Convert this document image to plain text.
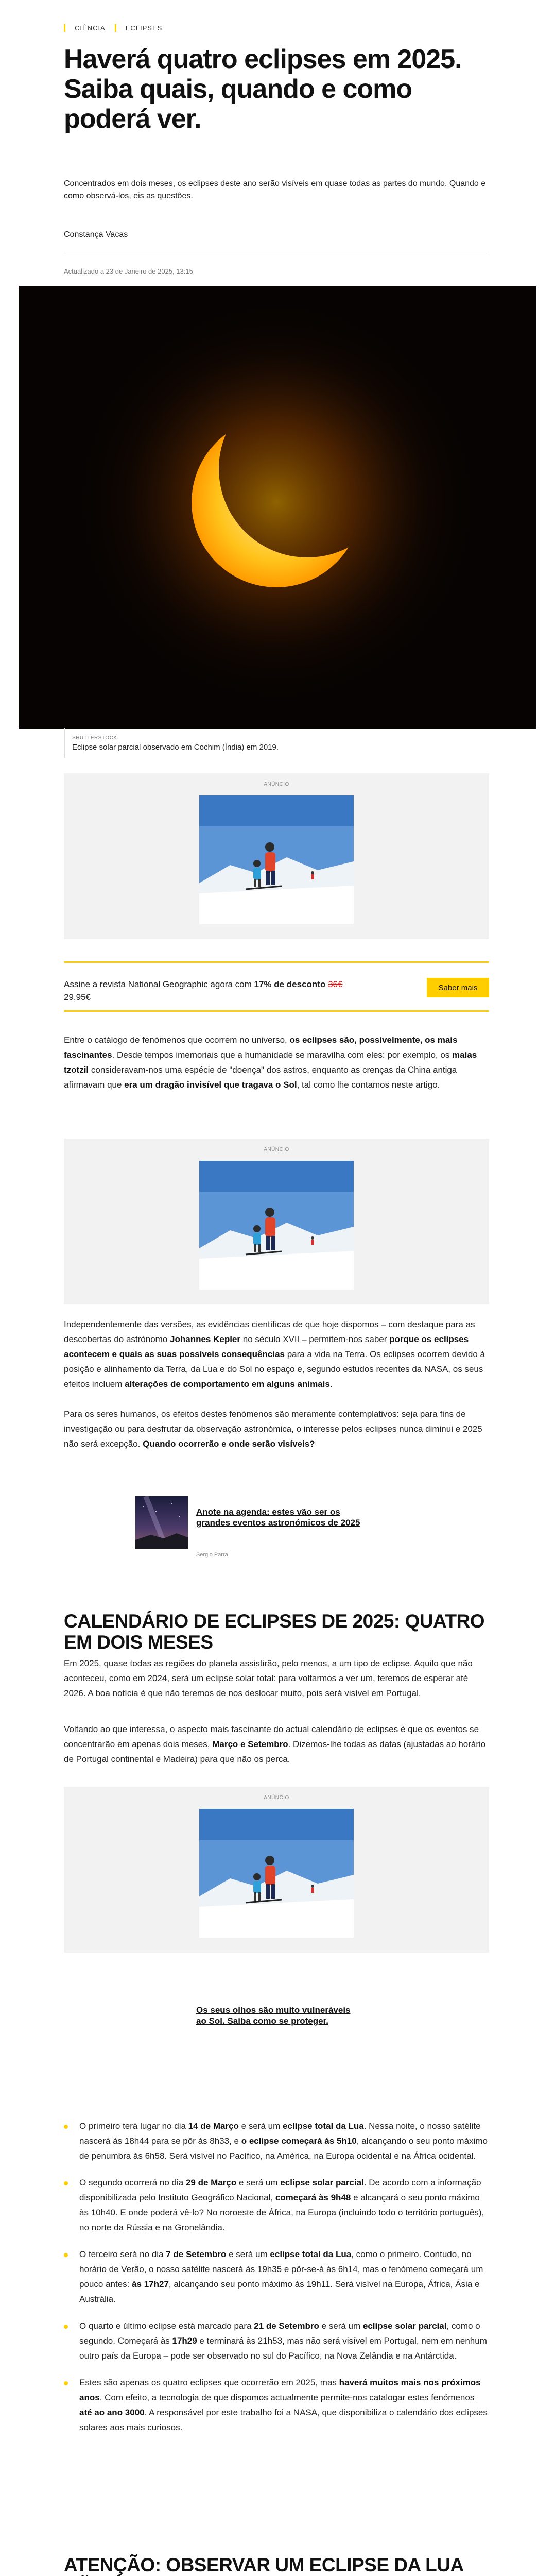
CIÊNCIA	ECLIPSES
Haverá quatro eclipses em 2025. Saiba quais, quando e como poderá ver.

Concentrados em dois meses, os eclipses deste ano serão visíveis em quase todas as partes do mundo. Quando e como observá-los, eis as questões.

Constança Vacas
Actualizado a 23 de Janeiro de 2025, 13:15
SHUTTERSTOCK
Eclipse solar parcial observado em Cochim (Índia) em 2019.
ANÚNCIO
Assine a revista National Geographic agora com 17% de desconto 36€
29,95€
Saber mais

Entre o catálogo de fenómenos que ocorrem no universo, os eclipses são, possivelmente, os mais fascinantes. Desde tempos imemoriais que a humanidade se maravilha com eles: por exemplo, os maias tzotzil consideravam-nos uma espécie de "doença" dos astros, enquanto as crenças da China antiga afirmavam que era um dragão invisível que tragava o Sol, tal como lhe contamos neste artigo.

ANÚNCIO

Independentemente das versões, as evidências científicas de que hoje dispomos – com destaque para as descobertas do astrónomo Johannes Kepler no século XVII – permitem-nos saber porque os eclipses acontecem e quais as suas possíveis consequências para a vida na Terra. Os eclipses ocorrem devido à posição e alinhamento da Terra, da Lua e do Sol no espaço e, segundo estudos recentes da NASA, os seus efeitos incluem alterações de comportamento em alguns animais.

Para os seres humanos, os efeitos destes fenómenos são meramente contemplativos: seja para fins de investigação ou para desfrutar da observação astronómica, o interesse pelos eclipses nunca diminui e 2025 não será excepção. Quando ocorrerão e onde serão visíveis?

Anote na agenda: estes vão ser os grandes eventos astronómicos de 2025
Sergio Parra
CALENDÁRIO DE ECLIPSES DE 2025: QUATRO EM DOIS MESES

Em 2025, quase todas as regiões do planeta assistirão, pelo menos, a um tipo de eclipse. Aquilo que não aconteceu, como em 2024, será um eclipse solar total: para voltarmos a ver um, teremos de esperar até 2026. A boa notícia é que não teremos de nos deslocar muito, pois será visível em Portugal.

Voltando ao que interessa, o aspecto mais fascinante do actual calendário de eclipses é que os eventos se concentrarão em apenas dois meses, Março e Setembro. Dizemos-lhe todas as datas (ajustadas ao horário de Portugal continental e Madeira) para que não os perca.

ANÚNCIO
Os seus olhos são muito vulneráveis ao Sol. Saiba como se proteger.
O primeiro terá lugar no dia 14 de Março e será um eclipse total da Lua. Nessa noite, o nosso satélite nascerá às 18h44 para se pôr às 8h33, e o eclipse começará às 5h10, alcançando o seu ponto máximo de penumbra às 6h58. Será visível no Pacífico, na América, na Europa ocidental e na África ocidental.
O segundo ocorrerá no dia 29 de Março e será um eclipse solar parcial. De acordo com a informação disponibilizada pelo Instituto Geográfico Nacional, começará às 9h48 e alcançará o seu ponto máximo às 10h40. E onde poderá vê-lo? No noroeste de África, na Europa (incluindo todo o território português), no norte da Rússia e na Gronelândia.
O terceiro será no dia 7 de Setembro e será um eclipse total da Lua, como o primeiro. Contudo, no horário de Verão, o nosso satélite nascerá às 19h35 e pôr-se-á às 6h14, mas o fenómeno começará um pouco antes: às 17h27, alcançando seu ponto máximo às 19h11. Será visível na Europa, África, Ásia e Austrália.
O quarto e último eclipse está marcado para 21 de Setembro e será um eclipse solar parcial, como o segundo. Começará às 17h29 e terminará às 21h53, mas não será visível em Portugal, nem em nenhum outro país da Europa – pode ser observado no sul do Pacífico, na Nova Zelândia e na Antárctida.
Estes são apenas os quatro eclipses que ocorrerão em 2025, mas haverá muitos mais nos próximos anos. Com efeito, a tecnologia de que dispomos actualmente permite-nos catalogar estes fenómenos até ao ano 3000. A responsável por este trabalho foi a NASA, que disponibiliza o calendário dos eclipses solares aos mais curiosos.
ATENÇÃO: OBSERVAR UM ECLIPSE DA LUA
